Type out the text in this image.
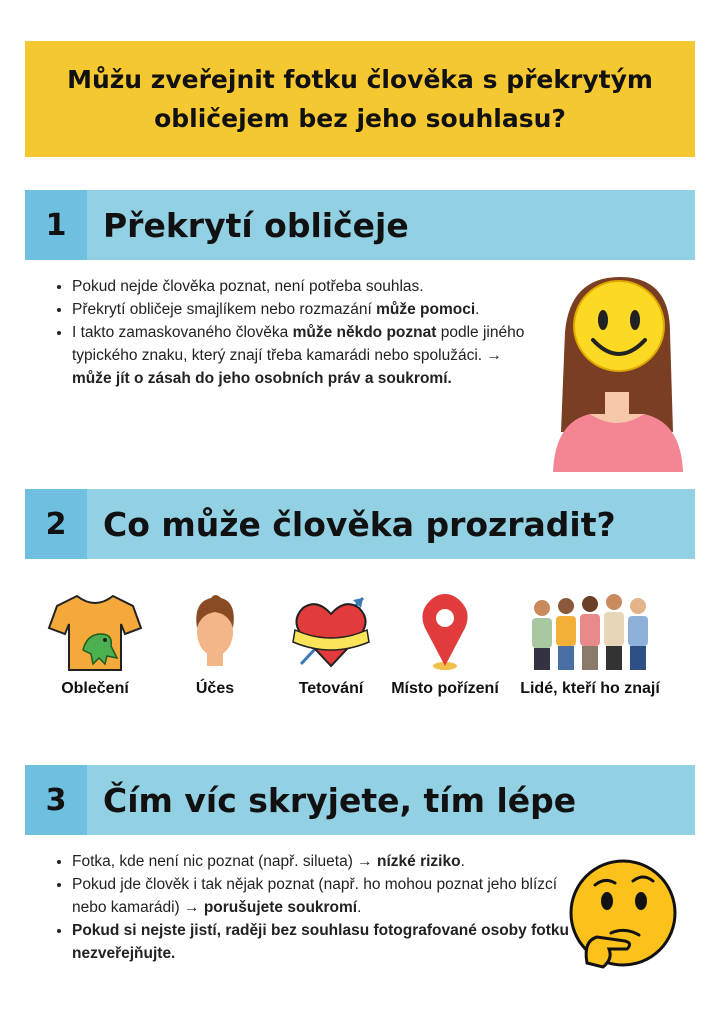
Můžu zveřejnit fotku člověka s překrytým obličejem bez jeho souhlasu?
1	Překrytí obličeje
• Pokud nejde člověka poznat, není potřeba souhlas.
• Překrytí obličeje smajlíkem nebo rozmazání může pomoci.
• I takto zamaskovaného člověka může někdo poznat podle jiného typického znaku, který znají třeba kamarádi nebo spolužáci. → může jít o zásah do jeho osobních práv a soukromí.
2	Co může člověka prozradit?
Oblečení	Účes	Tetování	Místo pořízení	Lidé, kteří ho znají
3	Čím víc skryjete, tím lépe
• Fotka, kde není nic poznat (např. silueta) → nízké riziko.
• Pokud jde člověk i tak nějak poznat (např. ho mohou poznat jeho blízcí nebo kamarádi) → porušujete soukromí.
• Pokud si nejste jistí, raději bez souhlasu fotografované osoby fotku nezveřejňujte.
